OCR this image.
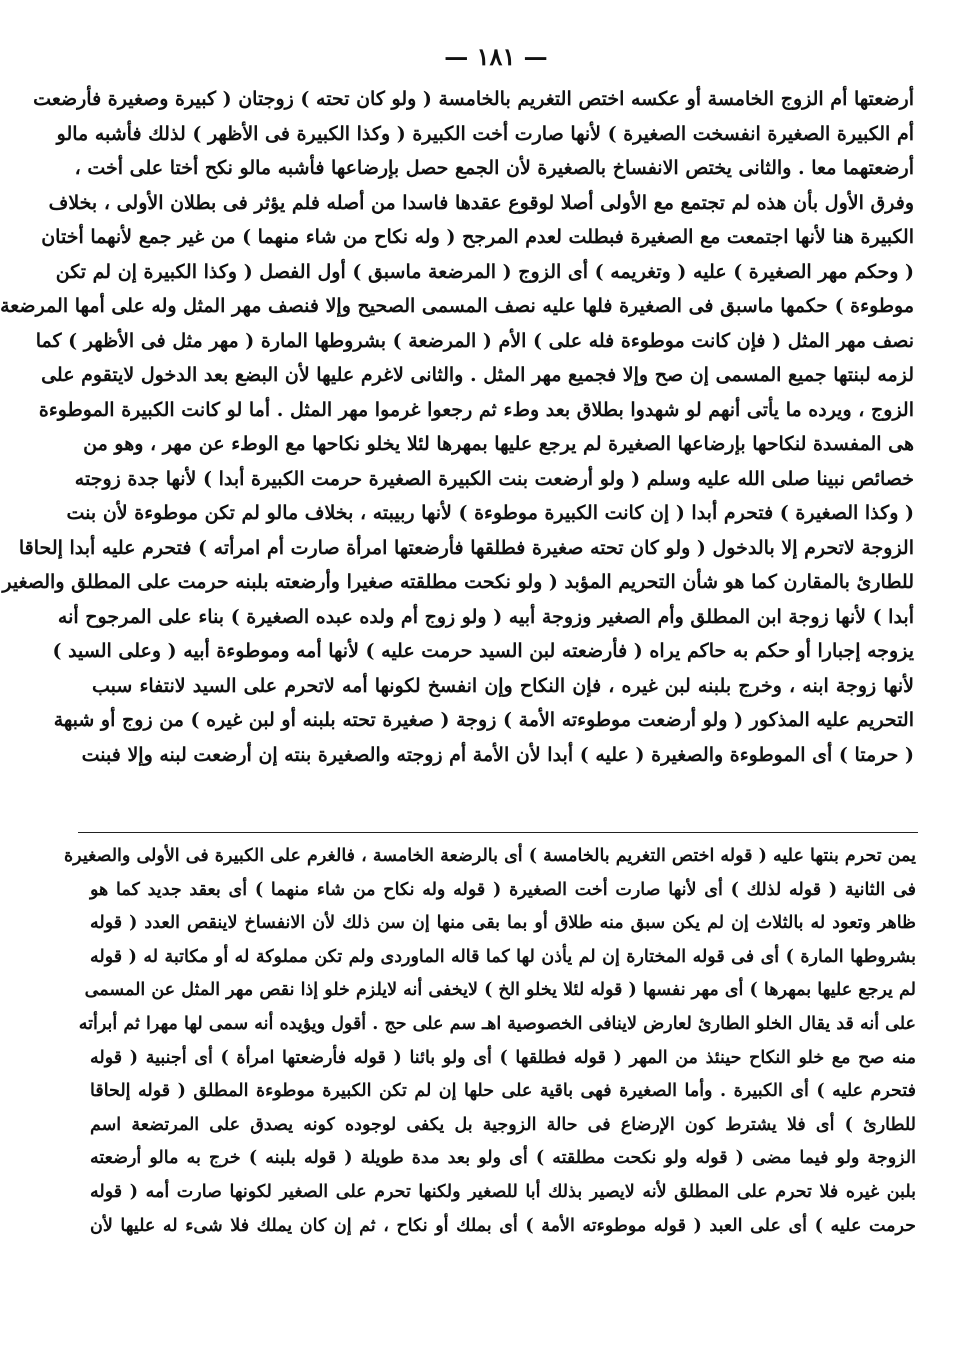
— ١٨١ —
أرضعتها أم الزوج الخامسة أو عكسه اختص التغريم بالخامسة ( ولو كان تحته ) زوجتان ( كبيرة وصغيرة فأرضعت
أم الكبيرة الصغيرة انفسخت الصغيرة ) لأنها صارت أخت الكبيرة ( وكذا الكبيرة فى الأظهر ) لذلك فأشبه مالو
أرضعتهما معا . والثانى يختص الانفساخ بالصغيرة لأن الجمع حصل بإرضاعها فأشبه مالو نكح أختا على أخت ،
وفرق الأول بأن هذه لم تجتمع مع الأولى أصلا لوقوع عقدها فاسدا من أصله فلم يؤثر فى بطلان الأولى ، بخلاف
الكبيرة هنا لأنها اجتمعت مع الصغيرة فبطلت لعدم المرجح ( وله نكاح من شاء منهما ) من غير جمع لأنهما أختان
( وحكم مهر الصغيرة ) عليه ( وتغريمه ) أى الزوج ( المرضعة ماسبق ) أول الفصل ( وكذا الكبيرة إن لم تكن
موطوءة ) حكمها ماسبق فى الصغيرة فلها عليه نصف المسمى الصحيح وإلا فنصف مهر المثل وله على أمها المرضعة
نصف مهر المثل ( فإن كانت موطوءة فله على ) الأم ( المرضعة ) بشروطها المارة ( مهر مثل فى الأظهر ) كما
لزمه لبنتها جميع المسمى إن صح وإلا فجميع مهر المثل . والثانى لاغرم عليها لأن البضع بعد الدخول لايتقوم على
الزوج ، ويرده ما يأتى أنهم لو شهدوا بطلاق بعد وطء ثم رجعوا غرموا مهر المثل . أما لو كانت الكبيرة الموطوءة
هى المفسدة لنكاحها بإرضاعها الصغيرة لم يرجع عليها بمهرها لئلا يخلو نكاحها مع الوطء عن مهر ، وهو من
خصائص نبينا صلى الله عليه وسلم ( ولو أرضعت بنت الكبيرة الصغيرة حرمت الكبيرة أبدا ) لأنها جدة زوجته
( وكذا الصغيرة ) فتحرم أبدا ( إن كانت الكبيرة موطوءة ) لأنها ربيبته ، بخلاف مالو لم تكن موطوءة لأن بنت
الزوجة لاتحرم إلا بالدخول ( ولو كان تحته صغيرة فطلقها فأرضعتها امرأة صارت أم امرأته ) فتحرم عليه أبدا إلحاقا
للطارئ بالمقارن كما هو شأن التحريم المؤبد ( ولو نكحت مطلقته صغيرا وأرضعته بلبنه حرمت على المطلق والصغير
أبدا ) لأنها زوجة ابن المطلق وأم الصغير وزوجة أبيه ( ولو زوج أم ولده عبده الصغيرة ) بناء على المرجوح أنه
يزوجه إجبارا أو حكم به حاكم يراه ( فأرضعته لبن السيد حرمت عليه ) لأنها أمه وموطوءة أبيه ( وعلى السيد )
لأنها زوجة ابنه ، وخرج بلبنه لبن غيره ، فإن النكاح وإن انفسخ لكونها أمه لاتحرم على السيد لانتفاء سبب
التحريم عليه المذكور ( ولو أرضعت موطوءته الأمة ) زوجة ( صغيرة تحته بلبنه أو لبن غيره ) من زوج أو شبهة
( حرمتا ) أى الموطوءة والصغيرة ( عليه ) أبدا لأن الأمة أم زوجته والصغيرة بنته إن أرضعت لبنه وإلا فبنت
يمن تحرم بنتها عليه ( قوله اختص التغريم بالخامسة ) أى بالرضعة الخامسة ، فالغرم على الكبيرة فى الأولى والصغيرة
فى الثانية ( قوله لذلك ) أى لأنها صارت أخت الصغيرة ( قوله وله نكاح من شاء منهما ) أى بعقد جديد كما هو
ظاهر وتعود له بالثلاث إن لم يكن سبق منه طلاق أو بما بقى منها إن سن ذلك لأن الانفساخ لاينقص العدد ( قوله
بشروطها المارة ) أى فى قوله المختارة إن لم يأذن لها كما قاله الماوردى ولم تكن مملوكة له أو مكاتبة له ( قوله
لم يرجع عليها بمهرها ) أى مهر نفسها ( قوله لئلا يخلو الخ ) لايخفى أنه لايلزم خلو إذا نقص مهر المثل عن المسمى
على أنه قد يقال الخلو الطارئ لعارض لاينافى الخصوصية اهـ سم على حج . أقول ويؤيده أنه سمى لها مهرا ثم أبرأته
منه صح مع خلو النكاح حينئذ من المهر ( قوله فطلقها ) أى ولو بائنا ( قوله فأرضعتها امرأة ) أى أجنبية ( قوله
فتحرم عليه ) أى الكبيرة . وأما الصغيرة فهى باقية على حلها إن لم تكن الكبيرة موطوءة المطلق ( قوله إلحاقا
للطارئ ) أى فلا يشترط كون الإرضاع فى حالة الزوجية بل يكفى لوجوده كونه يصدق على المرتضعة اسم
الزوجة ولو فيما مضى ( قوله ولو نكحت مطلقته ) أى ولو بعد مدة طويلة ( قوله بلبنه ) خرج به مالو أرضعته
بلبن غيره فلا تحرم على المطلق لأنه لايصير بذلك أبا للصغير ولكنها تحرم على الصغير لكونها صارت أمه ( قوله
حرمت عليه ) أى على العبد ( قوله موطوءته الأمة ) أى بملك أو نكاح ، ثم إن كان يملك فلا شىء له عليها لأن
